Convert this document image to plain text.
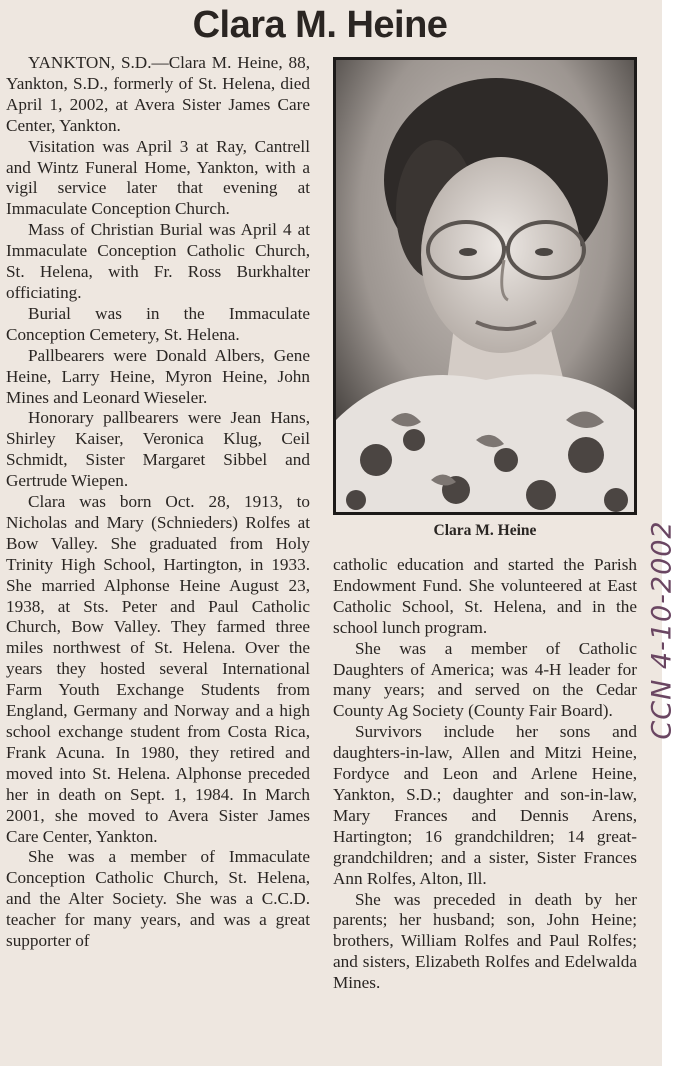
Clara M. Heine

YANKTON, S.D.—Clara M. Heine, 88, Yankton, S.D., formerly of St. Helena, died April 1, 2002, at Avera Sister James Care Center, Yankton.

Visitation was April 3 at Ray, Cantrell and Wintz Funeral Home, Yankton, with a vigil service later that evening at Immaculate Conception Church.

Mass of Christian Burial was April 4 at Immaculate Conception Catholic Church, St. Helena, with Fr. Ross Burkhalter officiating.

Burial was in the Immaculate Conception Cemetery, St. Helena.

Pallbearers were Donald Albers, Gene Heine, Larry Heine, Myron Heine, John Mines and Leonard Wieseler.

Honorary pallbearers were Jean Hans, Shirley Kaiser, Veronica Klug, Ceil Schmidt, Sister Margaret Sibbel and Gertrude Wiepen.

Clara was born Oct. 28, 1913, to Nicholas and Mary (Schnieders) Rolfes at Bow Valley. She graduated from Holy Trinity High School, Hartington, in 1933. She married Alphonse Heine August 23, 1938, at Sts. Peter and Paul Catholic Church, Bow Valley. They farmed three miles northwest of St. Helena. Over the years they hosted several International Farm Youth Exchange Students from England, Germany and Norway and a high school exchange student from Costa Rica, Frank Acuna. In 1980, they retired and moved into St. Helena. Alphonse preceded her in death on Sept. 1, 1984. In March 2001, she moved to Avera Sister James Care Center, Yankton.

She was a member of Immaculate Conception Catholic Church, St. Helena, and the Alter Society. She was a C.C.D. teacher for many years, and was a great supporter of

Clara M. Heine

catholic education and started the Parish Endowment Fund. She volunteered at East Catholic School, St. Helena, and in the school lunch program.

She was a member of Catholic Daughters of America; was 4-H leader for many years; and served on the Cedar County Ag Society (County Fair Board).

Survivors include her sons and daughters-in-law, Allen and Mitzi Heine, Fordyce and Leon and Arlene Heine, Yankton, S.D.; daughter and son-in-law, Mary Frances and Dennis Arens, Hartington; 16 grandchildren; 14 great-grandchildren; and a sister, Sister Frances Ann Rolfes, Alton, Ill.

She was preceded in death by her parents; her husband; son, John Heine; brothers, William Rolfes and Paul Rolfes; and sisters, Elizabeth Rolfes and Edelwalda Mines.

CCN 4-10-2002
